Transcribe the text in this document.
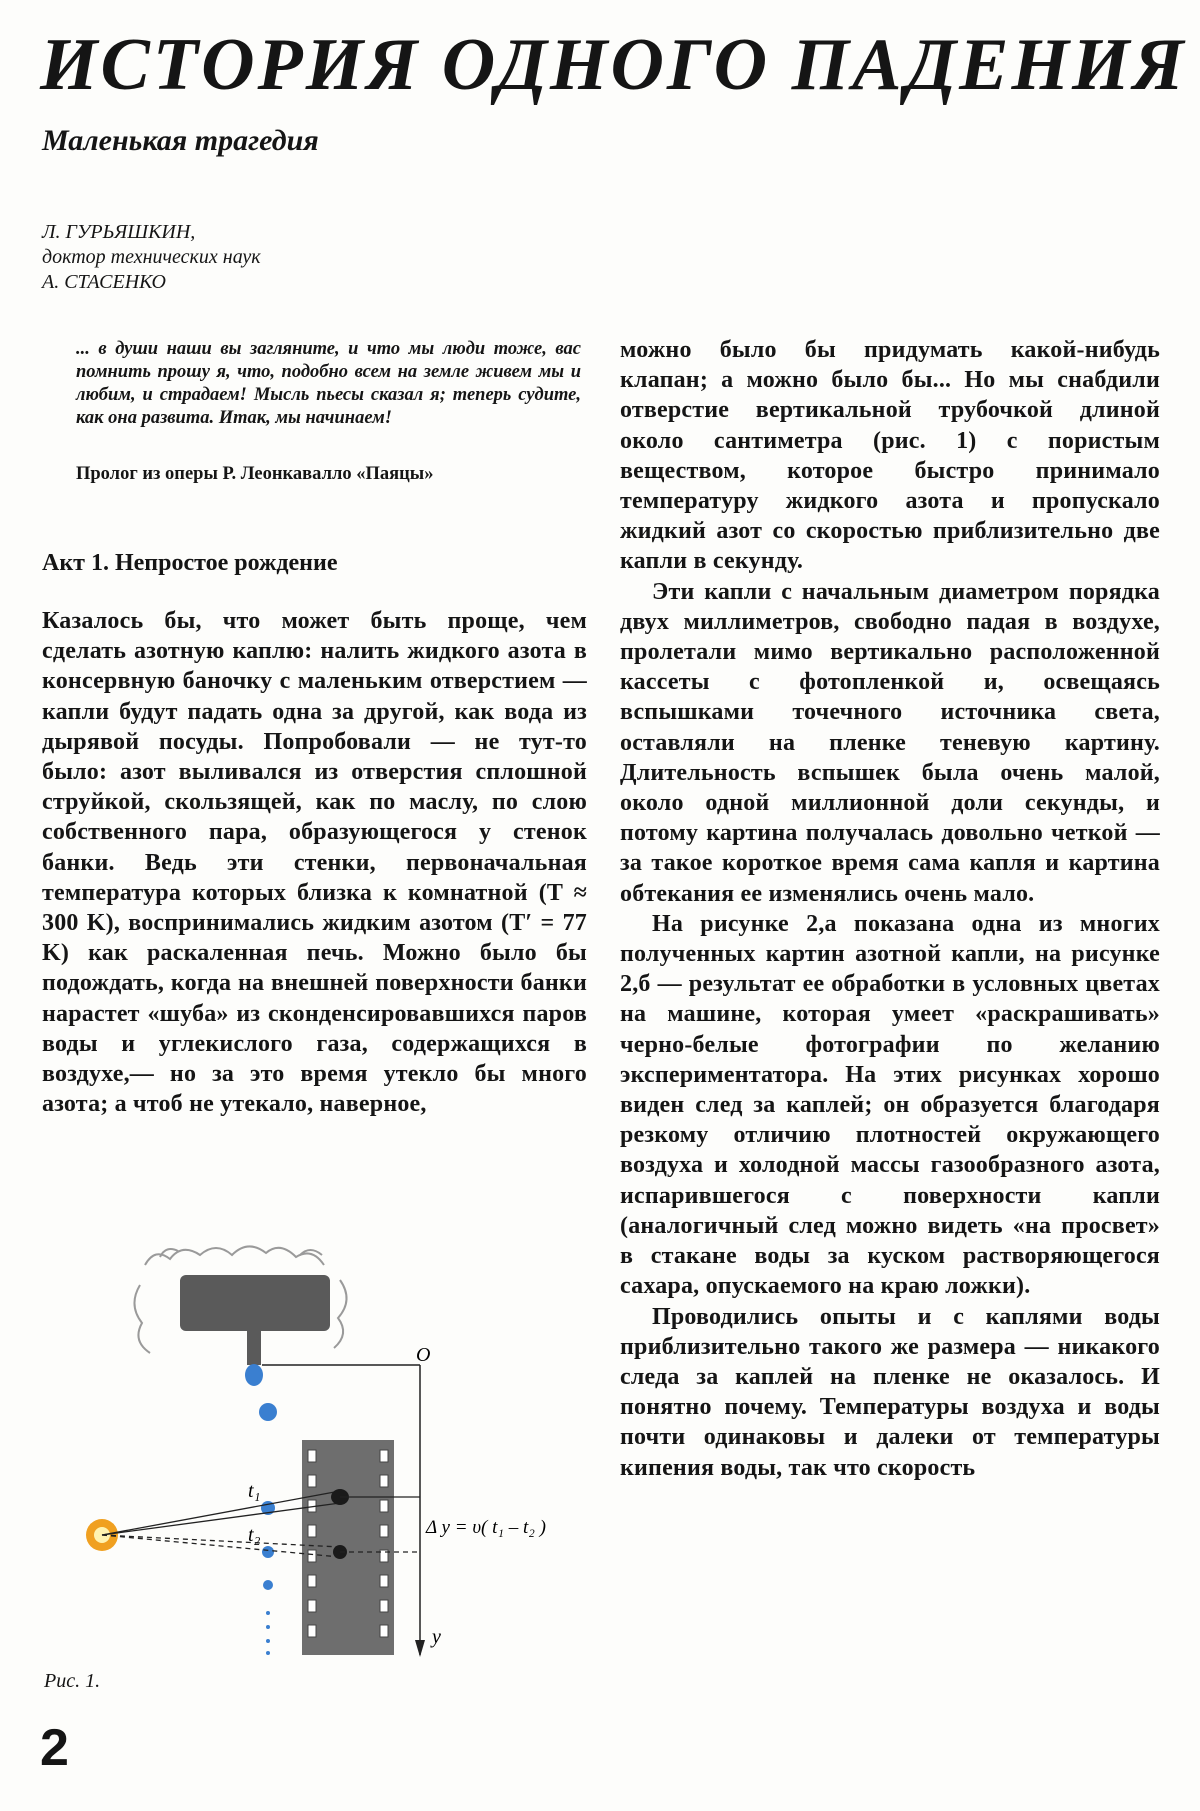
ИСТОРИЯ ОДНОГО ПАДЕНИЯ
Маленькая трагедия
Л. ГУРЬЯШКИН,
доктор технических наук
А. СТАСЕНКО
... в души наши вы загляните, и что мы люди тоже, вас помнить прошу я, что, подобно всем на земле живем мы и любим, и страдаем! Мысль пьесы сказал я; теперь судите, как она развита. Итак, мы начинаем!
Пролог из оперы Р. Леонкавалло «Паяцы»
Акт 1. Непростое рождение

Казалось бы, что может быть проще, чем сделать азотную каплю: налить жидкого азота в консервную баночку с маленьким отверстием — капли будут падать одна за другой, как вода из дырявой посуды. Попробовали — не тут-то было: азот выливался из отверстия сплошной струйкой, скользящей, как по маслу, по слою собственного пара, образующегося у стенок банки. Ведь эти стенки, первоначальная температура которых близка к комнатной (T ≈ 300 K), воспринимались жидким азотом (T′ = 77 K) как раскаленная печь. Можно было бы подождать, когда на внешней поверхности банки нарастет «шуба» из сконденсировавшихся паров воды и углекислого газа, содержащихся в воздухе,— но за это время утекло бы много азота; а чтоб не утекало, наверное,

можно было бы придумать какой-нибудь клапан; а можно было бы... Но мы снабдили отверстие вертикальной трубочкой длиной около сантиметра (рис. 1) с пористым веществом, которое быстро принимало температуру жидкого азота и пропускало жидкий азот со скоростью приблизительно две капли в секунду.

Эти капли с начальным диаметром порядка двух миллиметров, свободно падая в воздухе, пролетали мимо вертикально расположенной кассеты с фотопленкой и, освещаясь вспышками точечного источника света, оставляли на пленке теневую картину. Длительность вспышек была очень малой, около одной миллионной доли секунды, и потому картина получалась довольно четкой — за такое короткое время сама капля и картина обтекания ее изменялись очень мало.

На рисунке 2,а показана одна из многих полученных картин азотной капли, на рисунке 2,б — результат ее обработки в условных цветах на машине, которая умеет «раскрашивать» черно-белые фотографии по желанию экспериментатора. На этих рисунках хорошо виден след за каплей; он образуется благодаря резкому отличию плотностей окружающего воздуха и холодной массы газообразного азота, испарившегося с поверхности капли (аналогичный след можно видеть «на просвет» в стакане воды за куском растворяющегося сахара, опускаемого на краю ложки).

Проводились опыты и с каплями воды приблизительно такого же размера — никакого следа за каплей на пленке не оказалось. И понятно почему. Температуры воздуха и воды почти одинаковы и далеки от температуры кипения воды, так что скорость

O
y
t₁
t₂	Δ y = υ( t₁ – t₂ )
Рис. 1.
2
